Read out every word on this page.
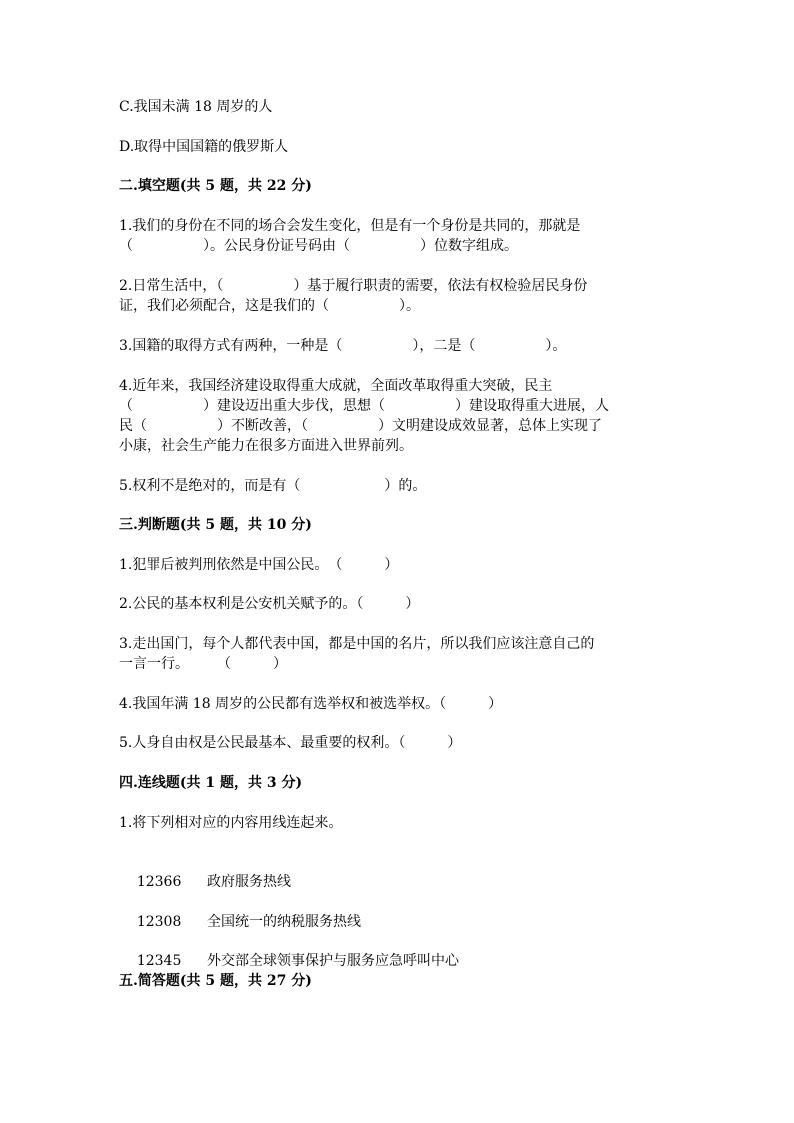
C.我国未满 18 周岁的人
D.取得中国国籍的俄罗斯人
二.填空题(共 5 题，共 22 分)
1.我们的身份在不同的场合会发生变化，但是有一个身份是共同的，那就是
（　　　　　）。公民身份证号码由（　　　　　）位数字组成。
2.日常生活中，（　　　　　）基于履行职责的需要，依法有权检验居民身份
证，我们必须配合，这是我们的（　　　　　）。
3.国籍的取得方式有两种，一种是（　　　　　），二是（　　　　　）。
4.近年来，我国经济建设取得重大成就，全面改革取得重大突破，民主
（　　　　　）建设迈出重大步伐，思想（　　　　　）建设取得重大进展，人
民（　　　　　）不断改善，（　　　　　）文明建设成效显著，总体上实现了
小康，社会生产能力在很多方面进入世界前列。
5.权利不是绝对的，而是有（　　　　　　）的。
三.判断题(共 5 题，共 10 分)
1.犯罪后被判刑依然是中国公民。　（　　　）
2.公民的基本权利是公安机关赋予的。（　　　）
3.走出国门，每个人都代表中国，都是中国的名片，所以我们应该注意自己的
一言一行。　　　（　　　）
4.我国年满 18 周岁的公民都有选举权和被选举权。（　　　）
5.人身自由权是公民最基本、最重要的权利。（　　　）
四.连线题(共 1 题，共 3 分)
1.将下列相对应的内容用线连起来。

12366 政府服务热线

12308 全国统一的纳税服务热线

12345 外交部全球领事保护与服务应急呼叫中心

五.简答题(共 5 题，共 27 分)
